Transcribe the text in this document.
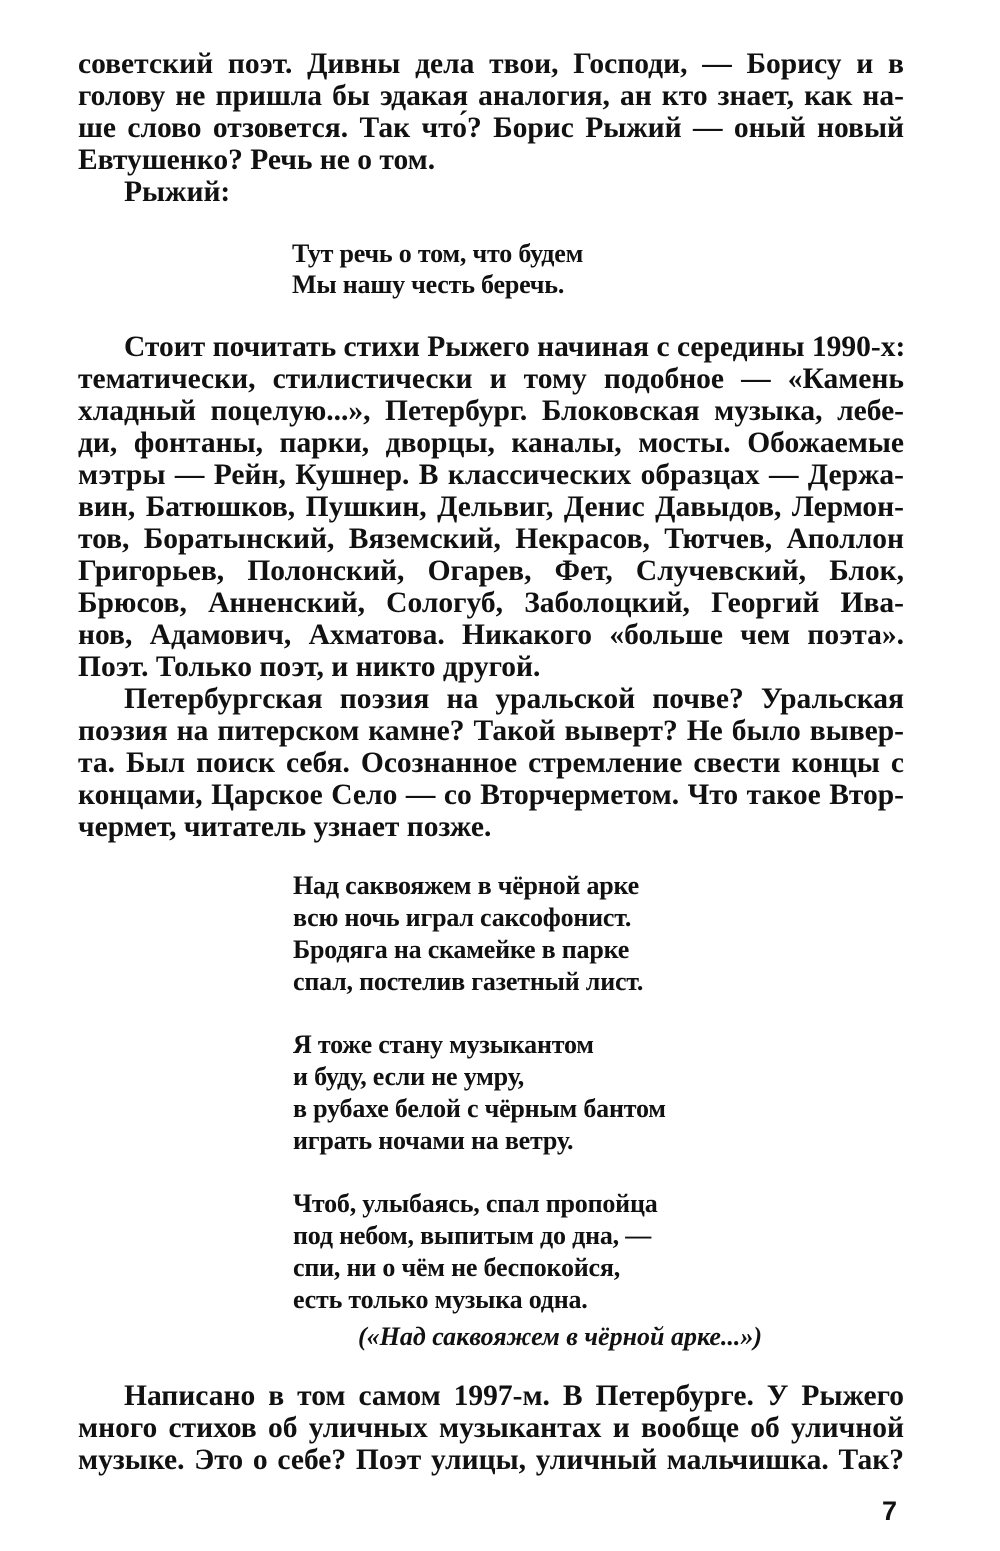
советский поэт. Дивны дела твои, Господи, — Борису и в
голову не пришла бы эдакая аналогия, ан кто знает, как на-
ше слово отзовется. Так что́? Борис Рыжий — оный новый
Евтушенко? Речь не о том.
Рыжий:
Тут речь о том, что будем
Мы нашу честь беречь.
Стоит почитать стихи Рыжего начиная с середины 1990-х:
тематически, стилистически и тому подобное — «Камень
хладный поцелую...», Петербург. Блоковская музыка, лебе-
ди, фонтаны, парки, дворцы, каналы, мосты. Обожаемые
мэтры — Рейн, Кушнер. В классических образцах — Держа-
вин, Батюшков, Пушкин, Дельвиг, Денис Давыдов, Лермон-
тов, Боратынский, Вяземский, Некрасов, Тютчев, Аполлон
Григорьев, Полонский, Огарев, Фет, Случевский, Блок,
Брюсов, Анненский, Сологуб, Заболоцкий, Георгий Ива-
нов, Адамович, Ахматова. Никакого «больше чем поэта».
Поэт. Только поэт, и никто другой.
Петербургская поэзия на уральской почве? Уральская
поэзия на питерском камне? Такой выверт? Не было вывер-
та. Был поиск себя. Осознанное стремление свести концы с
концами, Царское Село — со Вторчерметом. Что такое Втор-
чермет, читатель узнает позже.
Над саквояжем в чёрной арке
всю ночь играл саксофонист.
Бродяга на скамейке в парке
спал, постелив газетный лист.
Я тоже стану музыкантом
и буду, если не умру,
в рубахе белой с чёрным бантом
играть ночами на ветру.
Чтоб, улыбаясь, спал пропойца
под небом, выпитым до дна, —
спи, ни о чём не беспокойся,
есть только музыка одна.
(«Над саквояжем в чёрной арке...»)
Написано в том самом 1997-м. В Петербурге. У Рыжего
много стихов об уличных музыкантах и вообще об уличной
музыке. Это о себе? Поэт улицы, уличный мальчишка. Так?
7
